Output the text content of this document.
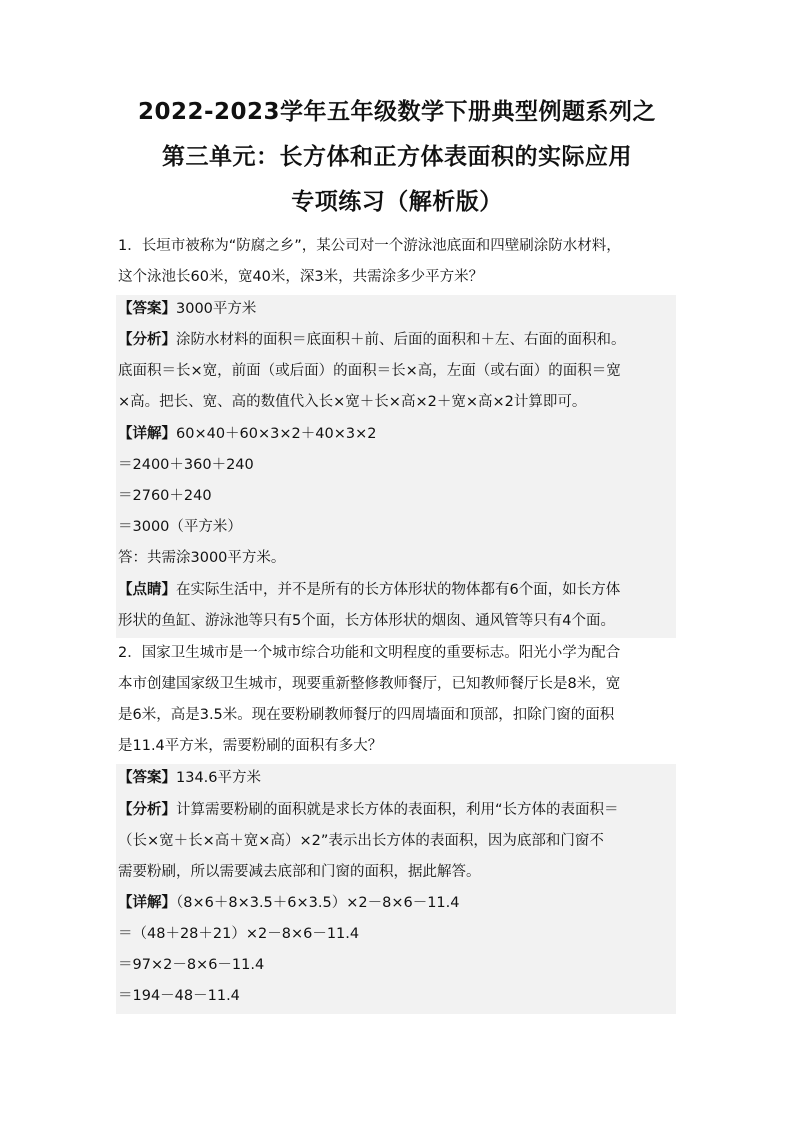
2022-2023学年五年级数学下册典型例题系列之
第三单元：长方体和正方体表面积的实际应用
专项练习（解析版）
1．长垣市被称为“防腐之乡”，某公司对一个游泳池底面和四壁刷涂防水材料，
这个泳池长60米，宽40米，深3米，共需涂多少平方米？
【答案】3000平方米
【分析】涂防水材料的面积＝底面积＋前、后面的面积和＋左、右面的面积和。
底面积＝长×宽，前面（或后面）的面积＝长×高，左面（或右面）的面积＝宽
×高。把长、宽、高的数值代入长×宽＋长×高×2＋宽×高×2计算即可。
【详解】60×40＋60×3×2＋40×3×2
＝2400＋360＋240
＝2760＋240
＝3000（平方米）
答：共需涂3000平方米。
【点睛】在实际生活中，并不是所有的长方体形状的物体都有6个面，如长方体
形状的鱼缸、游泳池等只有5个面，长方体形状的烟囱、通风管等只有4个面。
2．国家卫生城市是一个城市综合功能和文明程度的重要标志。阳光小学为配合
本市创建国家级卫生城市，现要重新整修教师餐厅，已知教师餐厅长是8米，宽
是6米，高是3.5米。现在要粉刷教师餐厅的四周墙面和顶部，扣除门窗的面积
是11.4平方米，需要粉刷的面积有多大？
【答案】134.6平方米
【分析】计算需要粉刷的面积就是求长方体的表面积，利用“长方体的表面积＝
（长×宽＋长×高＋宽×高）×2”表示出长方体的表面积，因为底部和门窗不
需要粉刷，所以需要减去底部和门窗的面积，据此解答。
【详解】（8×6＋8×3.5＋6×3.5）×2－8×6－11.4
＝（48＋28＋21）×2－8×6－11.4
＝97×2－8×6－11.4
＝194－48－11.4
